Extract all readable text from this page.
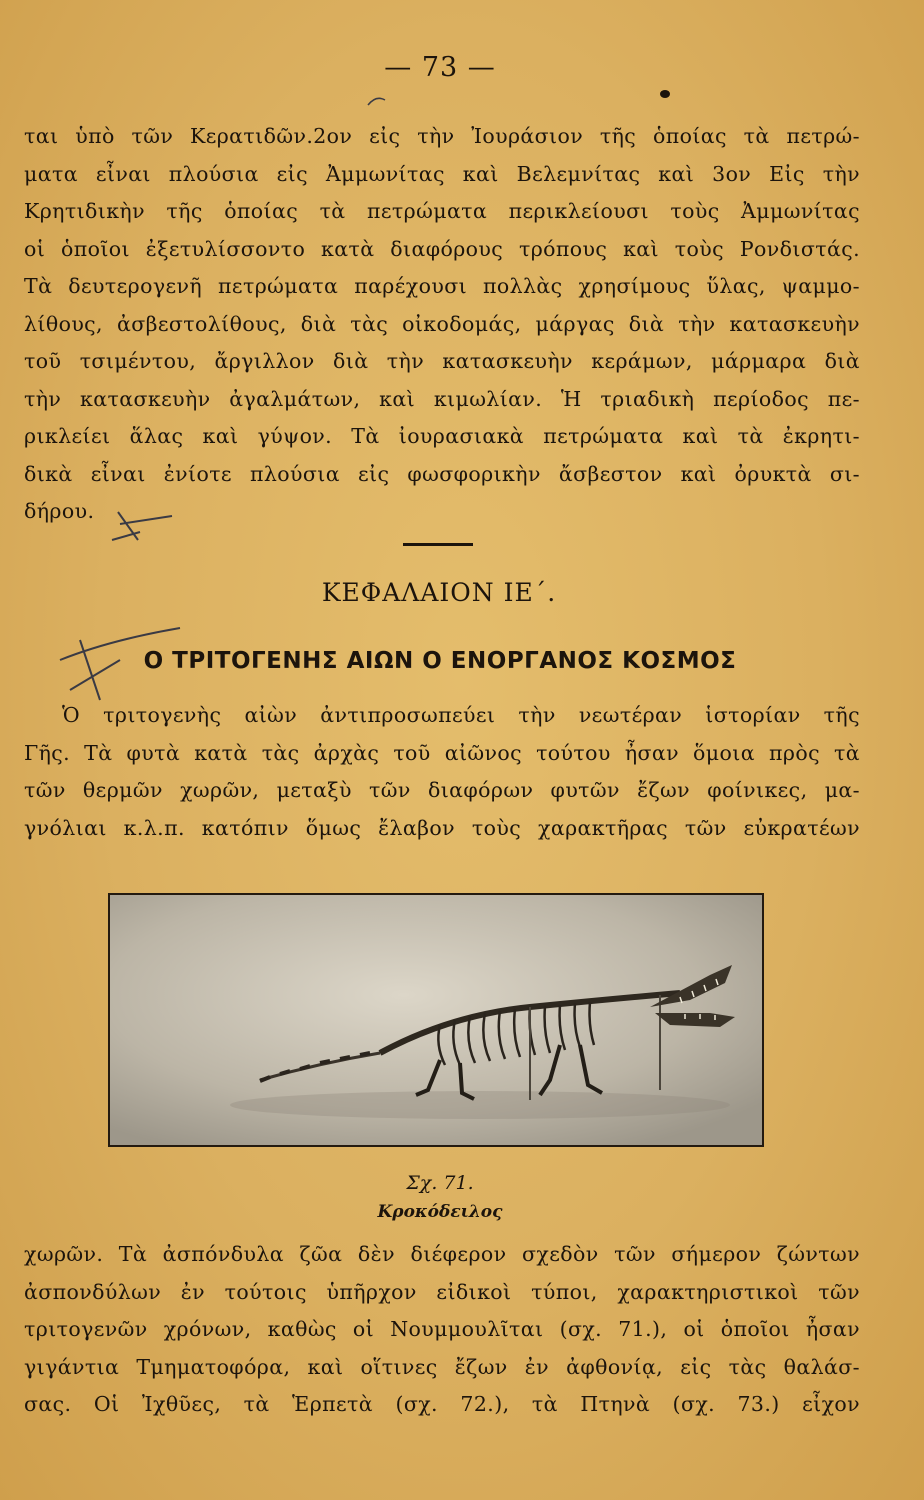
— 73 —
ται ὑπὸ τῶν Κερατιδῶν.2ον εἰς τὴν Ἰουράσιον τῆς ὁποίας τὰ πετρώ-
ματα εἶναι πλούσια εἰς Ἀμμωνίτας καὶ Βελεμνίτας καὶ 3ον Εἰς τὴν
Κρητιδικὴν τῆς ὁποίας τὰ πετρώματα περικλείουσι τοὺς Ἀμμωνίτας
οἱ ὁποῖοι ἐξετυλίσσοντο κατὰ διαφόρους τρόπους καὶ τοὺς Ρονδιστάς.
Τὰ δευτερογενῆ πετρώματα παρέχουσι πολλὰς χρησίμους ὕλας, ψαμμο-
λίθους, ἀσβεστολίθους, διὰ τὰς οἰκοδομάς, μάργας διὰ τὴν κατασκευὴν
τοῦ τσιμέντου, ἄργιλλον διὰ τὴν κατασκευὴν κεράμων, μάρμαρα διὰ
τὴν κατασκευὴν ἀγαλμάτων, καὶ κιμωλίαν. Ἡ τριαδικὴ περίοδος πε-
ρικλείει ἅλας καὶ γύψον. Τὰ ἰουρασιακὰ πετρώματα καὶ τὰ ἐκρητι-
δικὰ εἶναι ἐνίοτε πλούσια εἰς φωσφορικὴν ἄσβεστον καὶ ὀρυκτὰ σι-
δήρου.
ΚΕΦΑΛΑΙΟΝ ΙΕ΄.
Ο ΤΡΙΤΟΓΕΝΗΣ ΑΙΩΝ Ο ΕΝΟΡΓΑΝΟΣ ΚΟΣΜΟΣ
Ὁ τριτογενὴς αἰὼν ἀντιπροσωπεύει τὴν νεωτέραν ἱστορίαν τῆς
Γῆς. Τὰ φυτὰ κατὰ τὰς ἀρχὰς τοῦ αἰῶνος τούτου ἦσαν ὅμοια πρὸς τὰ
τῶν θερμῶν χωρῶν, μεταξὺ τῶν διαφόρων φυτῶν ἔζων φοίνικες, μα-
γνόλιαι κ.λ.π. κατόπιν ὅμως ἔλαβον τοὺς χαρακτῆρας τῶν εὐκρατέων
Σχ. 71.
Κροκόδειλος
χωρῶν. Τὰ ἀσπόνδυλα ζῶα δὲν διέφερον σχεδὸν τῶν σήμερον ζώντων
ἀσπονδύλων ἐν τούτοις ὑπῆρχον εἰδικοὶ τύποι, χαρακτηριστικοὶ τῶν
τριτογενῶν χρόνων, καθὼς οἱ Νουμμουλῖται (σχ. 71.), οἱ ὁποῖοι ἦσαν
γιγάντια Τμηματοφόρα, καὶ οἵτινες ἔζων ἐν ἀφθονίᾳ, εἰς τὰς θαλάσ-
σας. Οἱ Ἰχθῦες, τὰ Ἑρπετὰ (σχ. 72.), τὰ Πτηνὰ (σχ. 73.) εἶχον
